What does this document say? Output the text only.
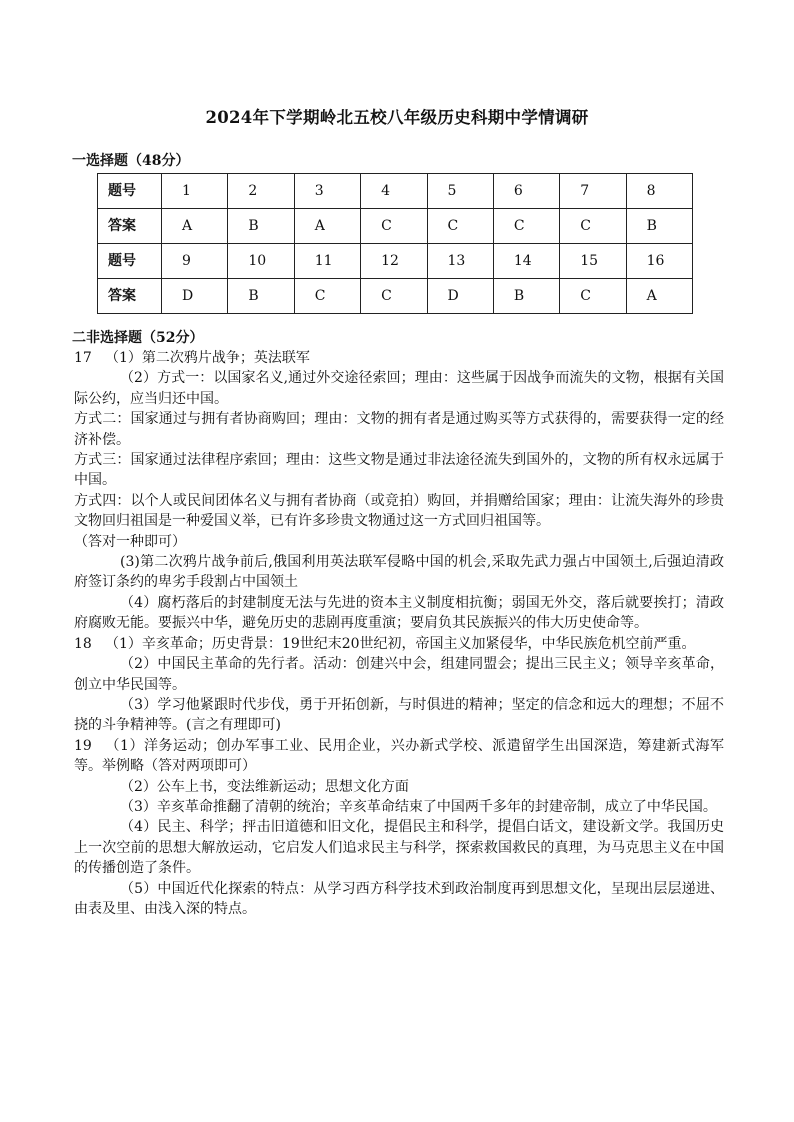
2024年下学期岭北五校八年级历史科期中学情调研
一选择题（48分）
题号	1	2	3	4	5	6	7	8
答案	A	B	A	C	C	C	C	B
题号	9	10	11	12	13	14	15	16
答案	D	B	C	C	D	B	C	A
二非选择题（52分）

17 （1）第二次鸦片战争；英法联军

（2）方式一：以国家名义,通过外交途径索回；理由：这些属于因战争而流失的文物，根据有关国际公约，应当归还中国。

方式二：国家通过与拥有者协商购回；理由：文物的拥有者是通过购买等方式获得的，需要获得一定的经济补偿。

方式三：国家通过法律程序索回；理由：这些文物是通过非法途径流失到国外的，文物的所有权永远属于中国。

方式四：以个人或民间团体名义与拥有者协商（或竞拍）购回，并捐赠给国家；理由：让流失海外的珍贵文物回归祖国是一种爱国义举，已有许多珍贵文物通过这一方式回归祖国等。

（答对一种即可）

(3)第二次鸦片战争前后,俄国利用英法联军侵略中国的机会,采取先武力强占中国领土,后强迫清政府签订条约的卑劣手段割占中国领土

（4）腐朽落后的封建制度无法与先进的资本主义制度相抗衡；弱国无外交，落后就要挨打；清政府腐败无能。要振兴中华，避免历史的悲剧再度重演；要肩负其民族振兴的伟大历史使命等。

18 （1）辛亥革命；历史背景：19世纪末20世纪初，帝国主义加紧侵华，中华民族危机空前严重。

（2）中国民主革命的先行者。活动：创建兴中会，组建同盟会；提出三民主义；领导辛亥革命，创立中华民国等。

（3）学习他紧跟时代步伐，勇于开拓创新，与时俱进的精神；坚定的信念和远大的理想；不屈不挠的斗争精神等。(言之有理即可)

19 （1）洋务运动；创办军事工业、民用企业，兴办新式学校、派遣留学生出国深造，筹建新式海军等。举例略（答对两项即可）

（2）公车上书，变法维新运动；思想文化方面

（3）辛亥革命推翻了清朝的统治；辛亥革命结束了中国两千多年的封建帝制，成立了中华民国。

（4）民主、科学；抨击旧道德和旧文化，提倡民主和科学，提倡白话文，建设新文学。我国历史上一次空前的思想大解放运动，它启发人们追求民主与科学，探索救国救民的真理，为马克思主义在中国的传播创造了条件。

（5）中国近代化探索的特点：从学习西方科学技术到政治制度再到思想文化，呈现出层层递进、由表及里、由浅入深的特点。
